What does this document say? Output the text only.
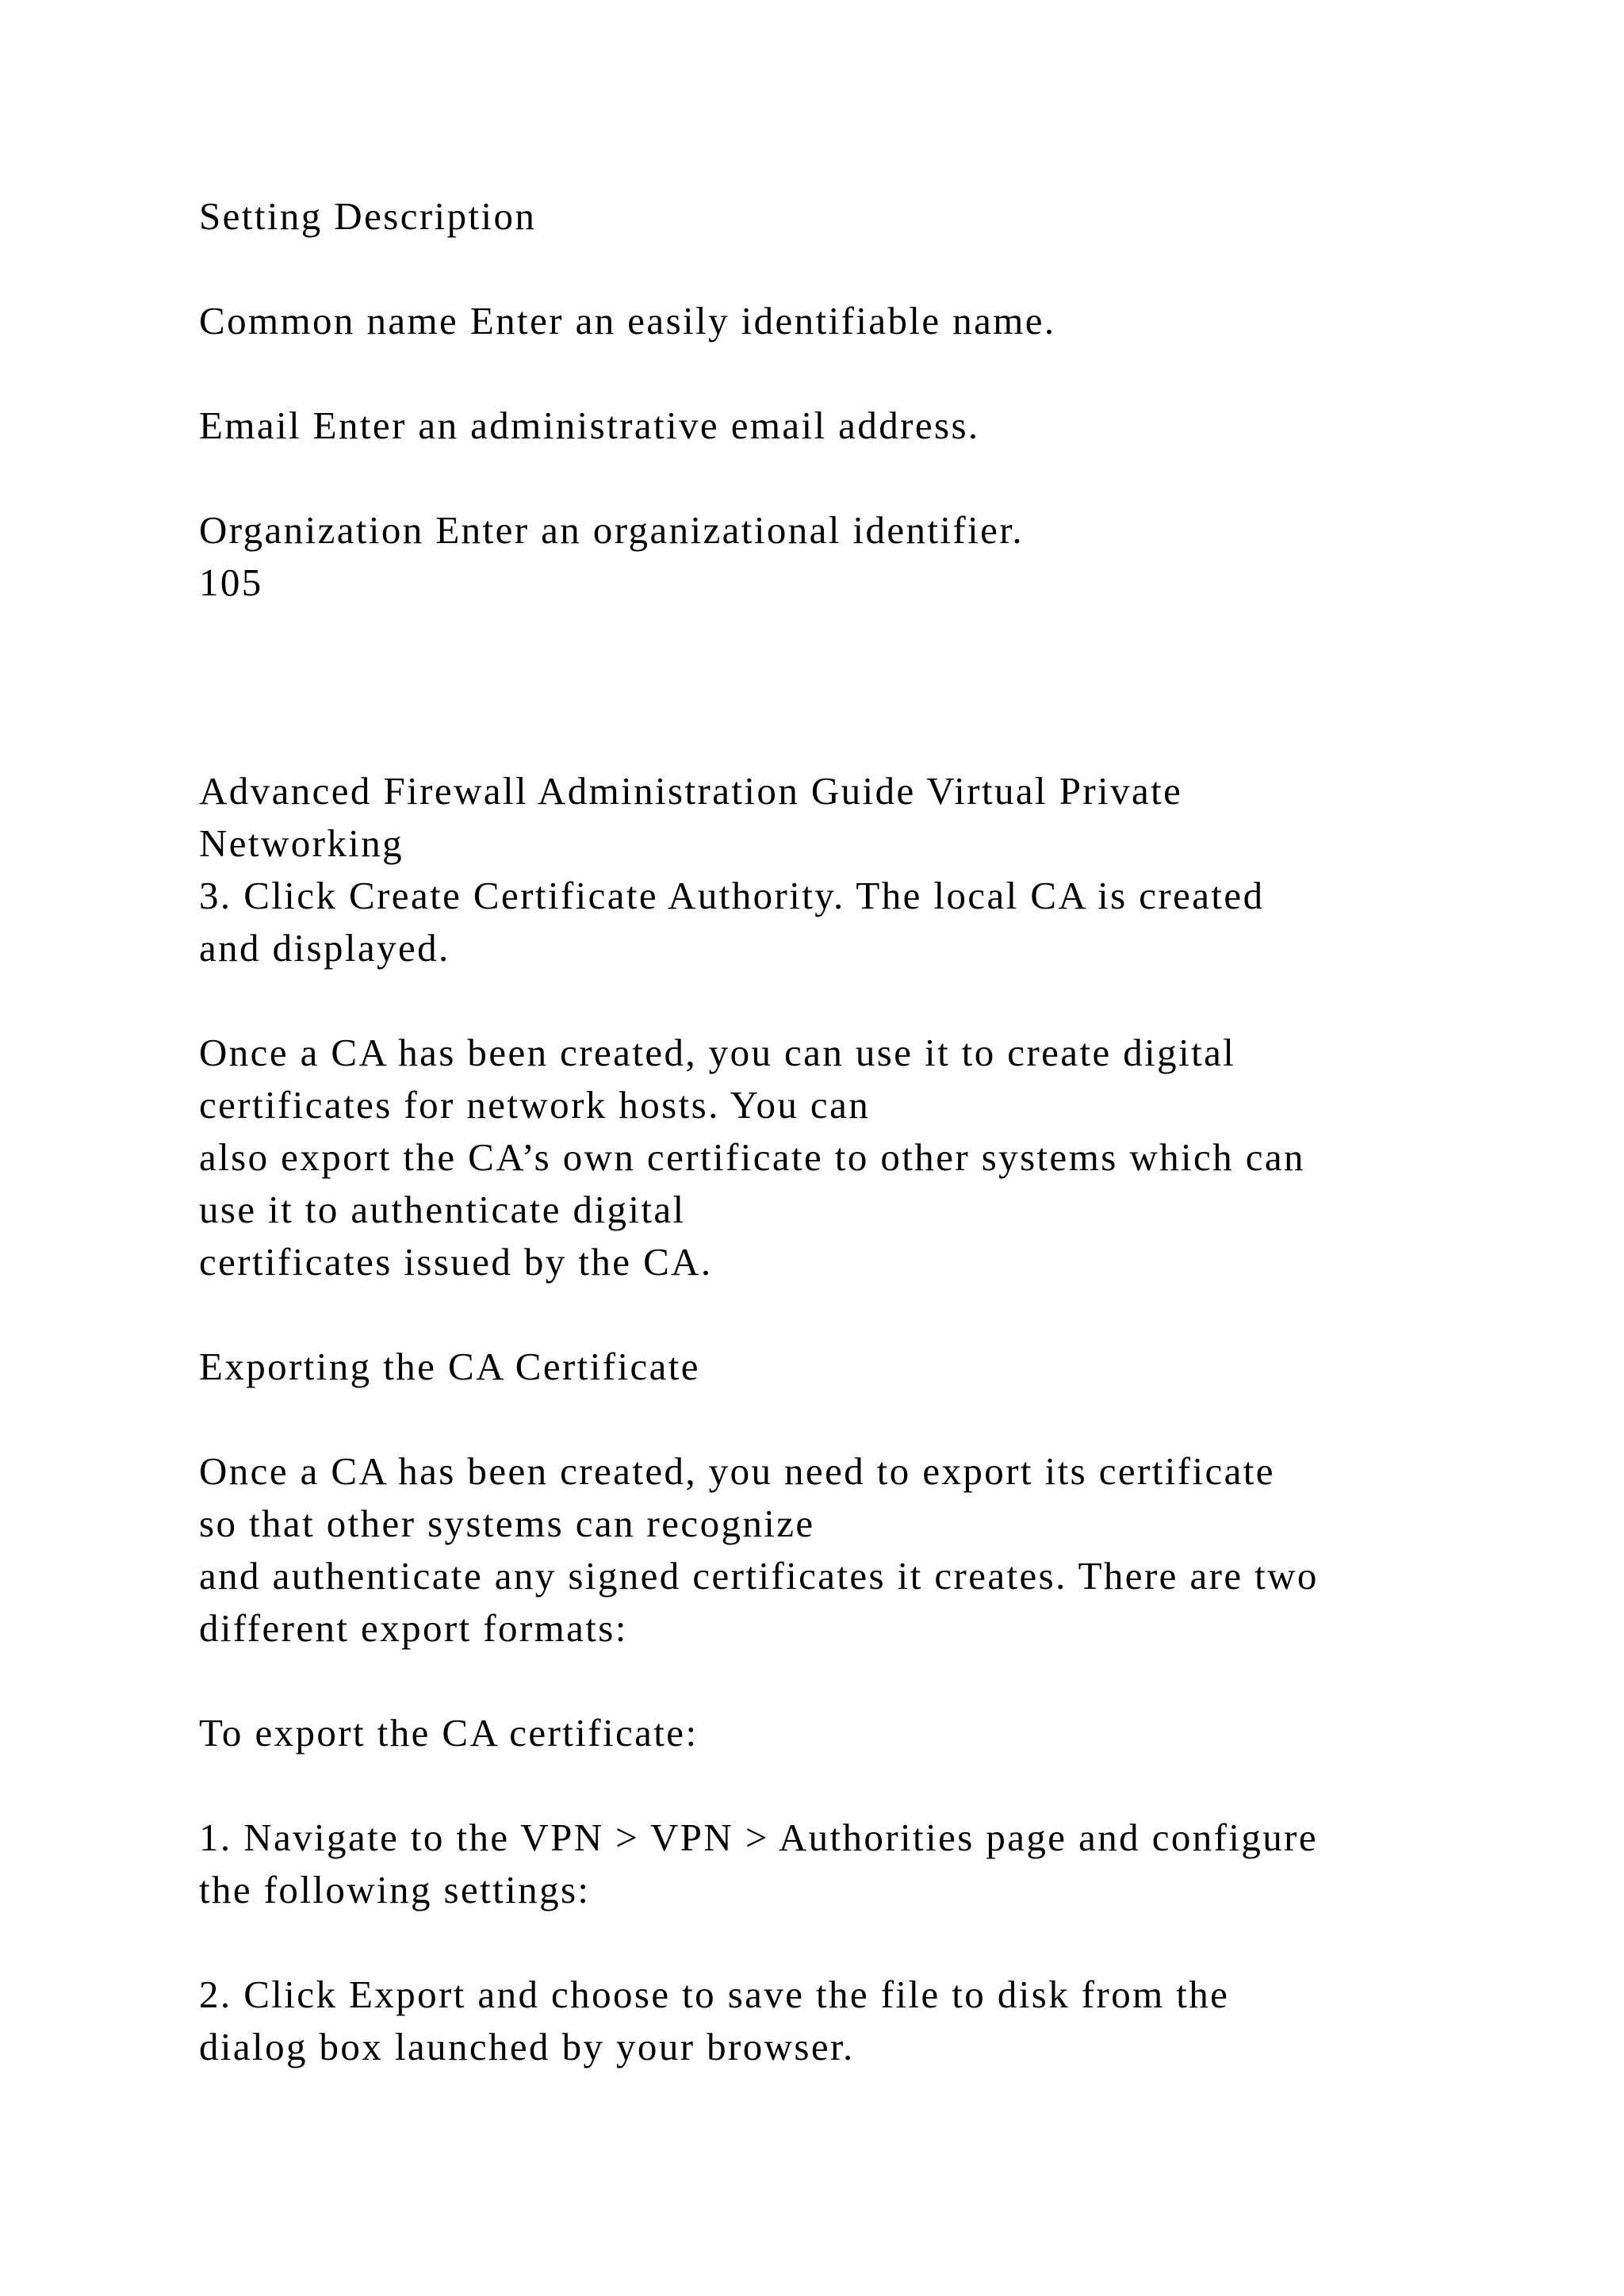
Setting Description

Common name Enter an easily identifiable name.

Email Enter an administrative email address.

Organization Enter an organizational identifier.

105

Advanced Firewall Administration Guide Virtual Private

Networking

3. Click Create Certificate Authority. The local CA is created

and displayed.

Once a CA has been created, you can use it to create digital

certificates for network hosts. You can

also export the CA’s own certificate to other systems which can

use it to authenticate digital

certificates issued by the CA.

Exporting the CA Certificate

Once a CA has been created, you need to export its certificate

so that other systems can recognize

and authenticate any signed certificates it creates. There are two

different export formats:

To export the CA certificate:

1. Navigate to the VPN > VPN > Authorities page and configure

the following settings:

2. Click Export and choose to save the file to disk from the

dialog box launched by your browser.
